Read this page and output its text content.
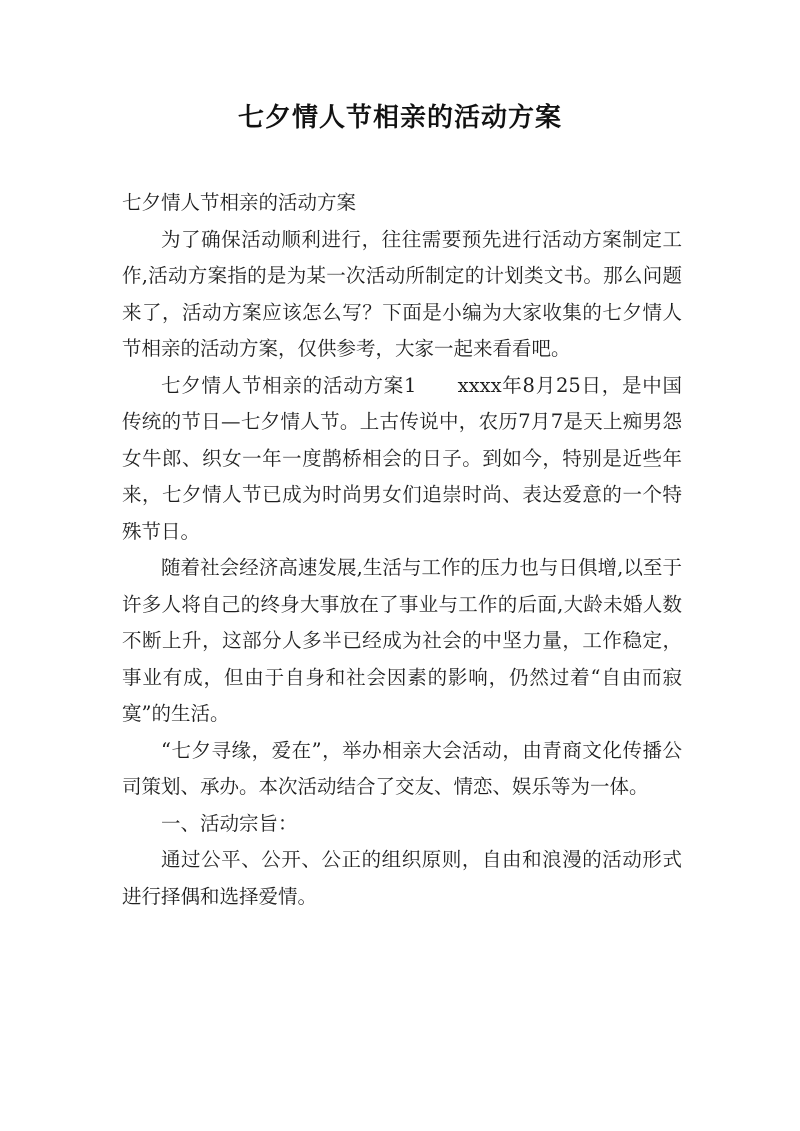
七夕情人节相亲的活动方案

七夕情人节相亲的活动方案

为了确保活动顺利进行，往往需要预先进行活动方案制定工作,活动方案指的是为某一次活动所制定的计划类文书。那么问题来了，活动方案应该怎么写？下面是小编为大家收集的七夕情人节相亲的活动方案，仅供参考，大家一起来看看吧。

七夕情人节相亲的活动方案1　　xxxx年8月25日，是中国传统的节日—七夕情人节。上古传说中，农历7月7是天上痴男怨女牛郎、织女一年一度鹊桥相会的日子。到如今，特别是近些年来，七夕情人节已成为时尚男女们追崇时尚、表达爱意的一个特殊节日。

随着社会经济高速发展,生活与工作的压力也与日俱增,以至于许多人将自己的终身大事放在了事业与工作的后面,大龄未婚人数不断上升，这部分人多半已经成为社会的中坚力量，工作稳定，事业有成，但由于自身和社会因素的影响，仍然过着“自由而寂寞”的生活。

“七夕寻缘，爱在”，举办相亲大会活动，由青商文化传播公司策划、承办。本次活动结合了交友、情恋、娱乐等为一体。

一、活动宗旨：

通过公平、公开、公正的组织原则，自由和浪漫的活动形式进行择偶和选择爱情。
